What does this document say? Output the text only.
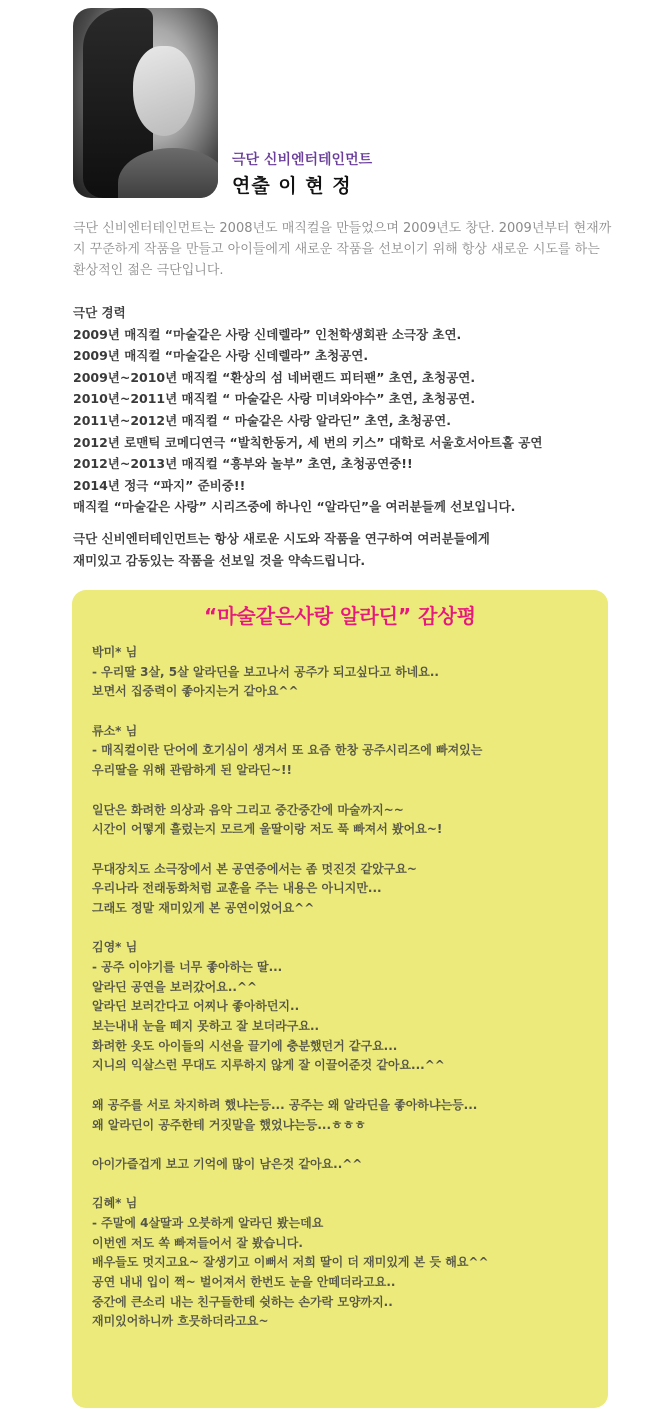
극단 신비엔터테인먼트

연출 이 현 정

극단 신비엔터테인먼트는 2008년도 매직컬을 만들었으며 2009년도 창단. 2009년부터 현재까지 꾸준하게 작품을 만들고 아이들에게 새로운 작품을 선보이기 위해 항상 새로운 시도를 하는 환상적인 젊은 극단입니다.

극단 경력
2009년 매직컬 “마술같은 사랑 신데렐라” 인천학생회관 소극장 초연.
2009년 매직컬 “마술같은 사랑 신데렐라” 초청공연.
2009년~2010년 매직컬 “환상의 섬 네버랜드 피터팬” 초연, 초청공연.
2010년~2011년 매직컬 “ 마술같은 사랑 미녀와야수” 초연, 초청공연.
2011년~2012년 매직컬 “ 마술같은 사랑 알라딘” 초연, 초청공연.
2012년 로맨틱 코메디연극 “발칙한동거, 세 번의 키스” 대학로 서울호서아트홀 공연
2012년~2013년 매직컬 “흥부와 놀부” 초연, 초청공연중!!
2014년 정극 “파지” 준비중!!
매직컬 “마술같은 사랑” 시리즈중에 하나인 “알라딘”을 여러분들께 선보입니다.
극단 신비엔터테인먼트는 항상 새로운 시도와 작품을 연구하여 여러분들에게
재미있고 감동있는 작품을 선보일 것을 약속드립니다.

“마술같은사랑 알라딘” 감상평

박미* 님
- 우리딸 3살, 5살 알라딘을 보고나서 공주가 되고싶다고 하네요..
보면서 집중력이 좋아지는거 같아요^^
류소* 님
- 매직컬이란 단어에 호기심이 생겨서 또 요즘 한창 공주시리즈에 빠져있는
우리딸을 위해 관람하게 된 알라딘~!!
일단은 화려한 의상과 음악 그리고 중간중간에 마술까지~~
시간이 어떻게 흘렀는지 모르게 울딸이랑 저도 푹 빠져서 봤어요~!
무대장치도 소극장에서 본 공연중에서는 좀 멋진것 같았구요~
우리나라 전래동화처럼 교훈을 주는 내용은 아니지만...
그래도 정말 재미있게 본 공연이었어요^^
김영* 님
- 공주 이야기를 너무 좋아하는 딸...
알라딘 공연을 보러갔어요..^^
알라딘 보러간다고 어찌나 좋아하던지..
보는내내 눈을 떼지 못하고 잘 보더라구요..
화려한 옷도 아이들의 시선을 끌기에 충분했던거 같구요...
지니의 익살스런 무대도 지루하지 않게 잘 이끌어준것 같아요...^^
왜 공주를 서로 차지하려 했냐는등... 공주는 왜 알라딘을 좋아하냐는등...
왜 알라딘이 공주한테 거짓말을 했었냐는등...ㅎㅎㅎ
아이가즐겁게 보고 기억에 많이 남은것 같아요..^^
김혜* 님
- 주말에 4살딸과 오붓하게 알라딘 봤는데요
이번엔 저도 쏙 빠져들어서 잘 봤습니다.
배우들도 멋지고요~ 잘생기고 이뻐서 저희 딸이 더 재미있게 본 듯 해요^^
공연 내내 입이 쩍~ 벌어져서 한번도 눈을 안떼더라고요..
중간에 큰소리 내는 친구들한테 쉿하는 손가락 모양까지..
재미있어하니까 흐뭇하더라고요~
